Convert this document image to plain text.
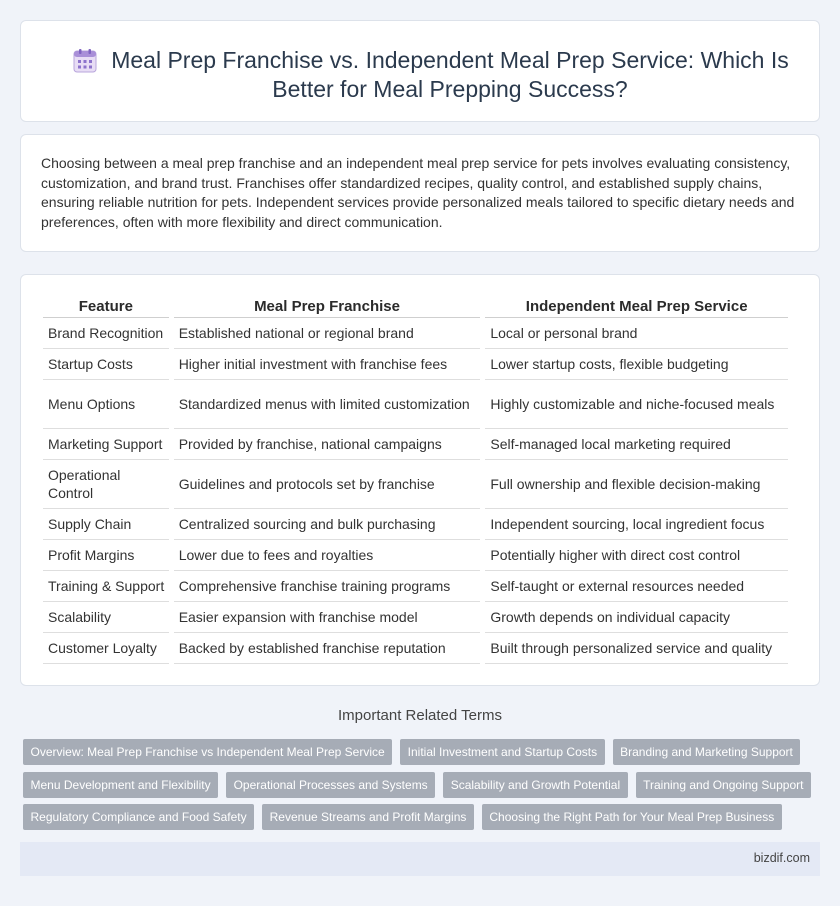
Meal Prep Franchise vs. Independent Meal Prep Service: Which Is Better for Meal Prepping Success?

Choosing between a meal prep franchise and an independent meal prep service for pets involves evaluating consistency, customization, and brand trust. Franchises offer standardized recipes, quality control, and established supply chains, ensuring reliable nutrition for pets. Independent services provide personalized meals tailored to specific dietary needs and preferences, often with more flexibility and direct communication.

Feature	Meal Prep Franchise	Independent Meal Prep Service
Brand Recognition	Established national or regional brand	Local or personal brand
Startup Costs	Higher initial investment with franchise fees	Lower startup costs, flexible budgeting
Menu Options	Standardized menus with limited customization	Highly customizable and niche-focused meals
Marketing Support	Provided by franchise, national campaigns	Self-managed local marketing required
Operational Control	Guidelines and protocols set by franchise	Full ownership and flexible decision-making
Supply Chain	Centralized sourcing and bulk purchasing	Independent sourcing, local ingredient focus
Profit Margins	Lower due to fees and royalties	Potentially higher with direct cost control
Training & Support	Comprehensive franchise training programs	Self-taught or external resources needed
Scalability	Easier expansion with franchise model	Growth depends on individual capacity
Customer Loyalty	Backed by established franchise reputation	Built through personalized service and quality
Important Related Terms
Overview: Meal Prep Franchise vs Independent Meal Prep Service	Initial Investment and Startup Costs	Branding and Marketing Support
Menu Development and Flexibility	Operational Processes and Systems	Scalability and Growth Potential	Training and Ongoing Support
Regulatory Compliance and Food Safety	Revenue Streams and Profit Margins	Choosing the Right Path for Your Meal Prep Business
bizdif.com
